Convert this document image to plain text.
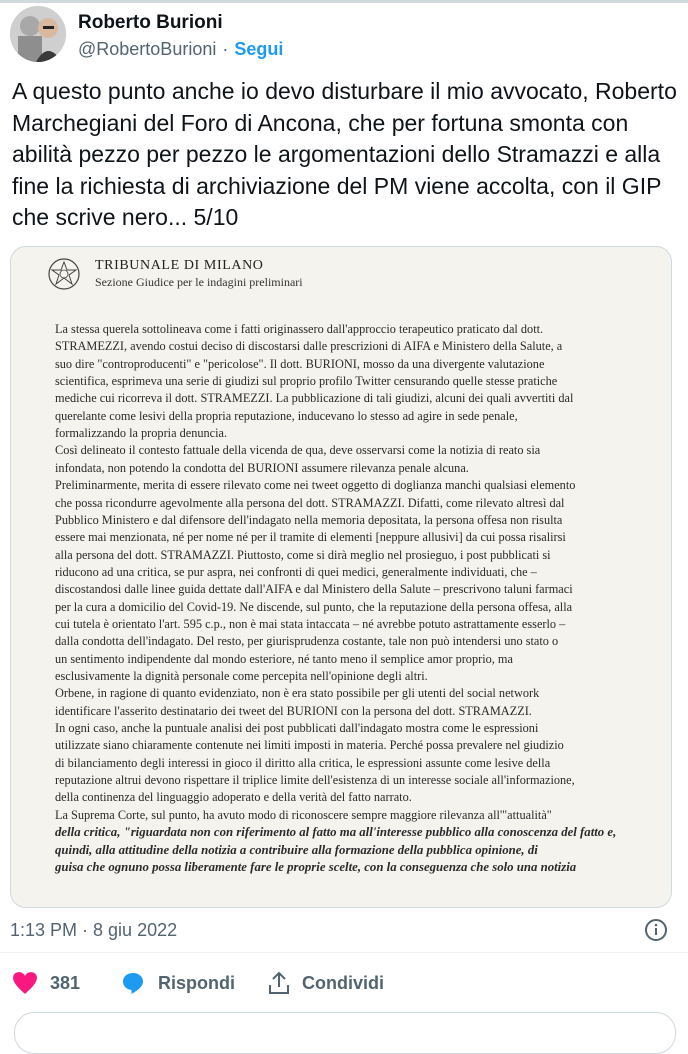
Roberto Burioni
@RobertoBurioni · Segui
A questo punto anche io devo disturbare il mio avvocato, Roberto Marchegiani del Foro di Ancona, che per fortuna smonta con abilità pezzo per pezzo le argomentazioni dello Stramazzi e alla fine la richiesta di archiviazione del PM viene accolta, con il GIP che scrive nero... 5/10
TRIBUNALE DI MILANO
Sezione Giudice per le indagini preliminari
La stessa querela sottolineava come i fatti originassero dall'approccio terapeutico praticato dal dott.
STRAMEZZI, avendo costui deciso di discostarsi dalle prescrizioni di AIFA e Ministero della Salute, a
suo dire "controproducenti" e "pericolose". Il dott. BURIONI, mosso da una divergente valutazione
scientifica, esprimeva una serie di giudizi sul proprio profilo Twitter censurando quelle stesse pratiche
mediche cui ricorreva il dott. STRAMEZZI. La pubblicazione di tali giudizi, alcuni dei quali avvertiti dal
querelante come lesivi della propria reputazione, inducevano lo stesso ad agire in sede penale,
formalizzando la propria denuncia.
Così delineato il contesto fattuale della vicenda de qua, deve osservarsi come la notizia di reato sia
infondata, non potendo la condotta del BURIONI assumere rilevanza penale alcuna.
Preliminarmente, merita di essere rilevato come nei tweet oggetto di doglianza manchi qualsiasi elemento
che possa ricondurre agevolmente alla persona del dott. STRAMAZZI. Difatti, come rilevato altresì dal
Pubblico Ministero e dal difensore dell'indagato nella memoria depositata, la persona offesa non risulta
essere mai menzionata, né per nome né per il tramite di elementi [neppure allusivi] da cui possa risalirsi
alla persona del dott. STRAMAZZI. Piuttosto, come si dirà meglio nel prosieguo, i post pubblicati si
riducono ad una critica, se pur aspra, nei confronti di quei medici, generalmente individuati, che –
discostandosi dalle linee guida dettate dall'AIFA e dal Ministero della Salute – prescrivono taluni farmaci
per la cura a domicilio del Covid-19. Ne discende, sul punto, che la reputazione della persona offesa, alla
cui tutela è orientato l'art. 595 c.p., non è mai stata intaccata – né avrebbe potuto astrattamente esserlo –
dalla condotta dell'indagato. Del resto, per giurisprudenza costante, tale non può intendersi uno stato o
un sentimento indipendente dal mondo esteriore, né tanto meno il semplice amor proprio, ma
esclusivamente la dignità personale come percepita nell'opinione degli altri.
Orbene, in ragione di quanto evidenziato, non è era stato possibile per gli utenti del social network
identificare l'asserito destinatario dei tweet del BURIONI con la persona del dott. STRAMAZZI.
In ogni caso, anche la puntuale analisi dei post pubblicati dall'indagato mostra come le espressioni
utilizzate siano chiaramente contenute nei limiti imposti in materia. Perché possa prevalere nel giudizio
di bilanciamento degli interessi in gioco il diritto alla critica, le espressioni assunte come lesive della
reputazione altrui devono rispettare il triplice limite dell'esistenza di un interesse sociale all'informazione,
della continenza del linguaggio adoperato e della verità del fatto narrato.
La Suprema Corte, sul punto, ha avuto modo di riconoscere sempre maggiore rilevanza all'"attualità"
della critica, "riguardata non con riferimento al fatto ma all'interesse pubblico alla conoscenza del fatto e,
quindi, alla attitudine della notizia a contribuire alla formazione della pubblica opinione, di
guisa che ognuno possa liberamente fare le proprie scelte, con la conseguenza che solo una notizia
1:13 PM · 8 giu 2022
381	Rispondi	Condividi
